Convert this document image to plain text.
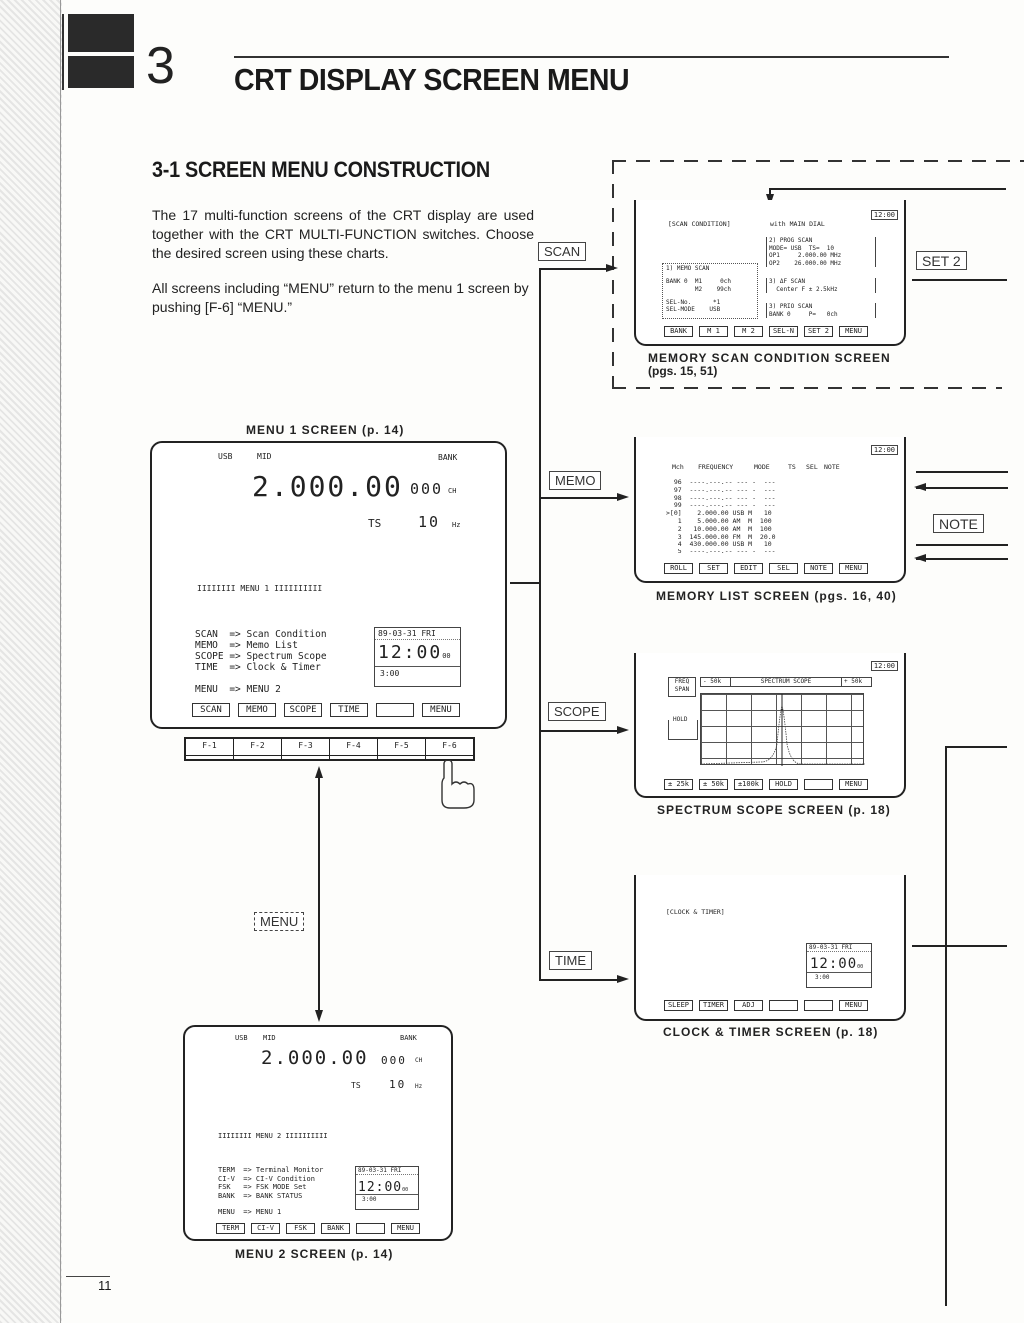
3 CRT DISPLAY SCREEN MENU
3-1 SCREEN MENU CONSTRUCTION

The 17 multi-function screens of the CRT display are used together with the CRT MULTI-FUNCTION switches. Choose the desired screen using these charts.

All screens including “MENU” return to the menu 1 screen by pushing [F-6] “MENU.”

SCAN
MEMO
SCOPE
TIME
SET 2
NOTE
MENU 1 SCREEN (p. 14)
USB	MID	BANK
2.000.00 000 CH
TS 10 Hz
IIIIIIII MENU 1 IIIIIIIIII
SCAN  => Scan Condition
MEMO  => Memo List
SCOPE => Spectrum Scope
TIME  => Clock & Timer
MENU  => MENU 2
89-03-31 FRI
12:0000
3:00
SCAN	MEMO	SCOPE	TIME	MENU
F-1	F-2	F-3	F-4	F-5	F-6
MENU
USB MID	BANK
2.000.00 000 CH
TS	10 Hz
IIIIIIII MENU 2 IIIIIIIIII
TERM  => Terminal Monitor
CI-V  => CI-V Condition
FSK   => FSK MODE Set
BANK  => BANK STATUS
MENU  => MENU 1
89-03-31 FRI
12:0000
3:00
TERM	CI-V	FSK	BANK	MENU
MENU 2 SCREEN (p. 14)
12:00
[SCAN CONDITION]	with MAIN DIAL
2) PROG SCAN
MODE= USB  TS=  10
OP1     2.000.00 MHz
OP2    26.000.00 MHz
1) MEMO SCAN
BANK 0  M1     0ch
M2    99ch
SEL-No.      *1
SEL-MODE    USB
3) ΔF SCAN
Center F ± 2.5kHz
3) PRIO SCAN
BANK 0     P=   0ch
BANK	M 1	M 2	SEL-N	SET 2	MENU
MEMORY SCAN CONDITION SCREEN
(pgs. 15, 51)
12:00
Mch	FREQUENCY	MODE	TS	SEL NOTE
96  ----.---.-- --- -  ---
97  ----.---.-- --- -  ---
98  ----.---.-- --- -  ---
99  ----.---.-- --- -  ---
>[0]    2.000.00 USB M   10
1    5.000.00 AM  M  100
2   10.000.00 AM  M  100
3  145.000.00 FM  M  20.0
4  430.000.00 USB M   10
5  ----.---.-- --- -  ---
ROLL	SET	EDIT	SEL	NOTE	MENU
MEMORY LIST SCREEN (pgs. 16, 40)
12:00
FREQ
SPAN
- 50k	SPECTRUM SCOPE	+ 50k
HOLD
± 25k	± 50k	±100k	HOLD	MENU
SPECTRUM SCOPE SCREEN (p. 18)
[CLOCK & TIMER]
89-03-31 FRI
12:0000
3:00
SLEEP	TIMER	ADJ	MENU
CLOCK & TIMER SCREEN (p. 18)
11
